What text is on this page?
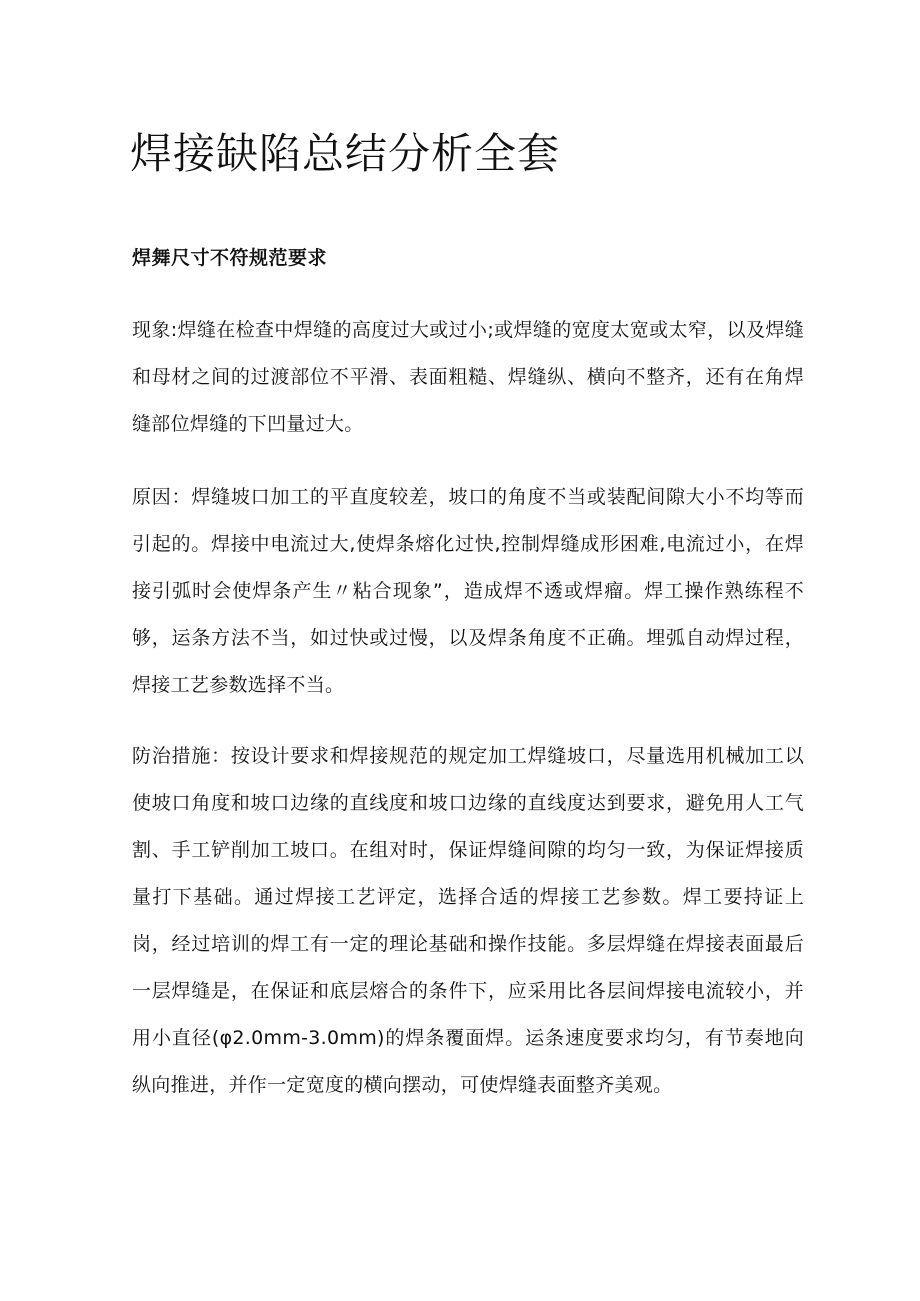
焊接缺陷总结分析全套
焊舞尺寸不符规范要求

现象:焊缝在检查中焊缝的高度过大或过小;或焊缝的宽度太宽或太窄，以及焊缝和母材之间的过渡部位不平滑、表面粗糙、焊缝纵、横向不整齐，还有在角焊缝部位焊缝的下凹量过大。

原因：焊缝坡口加工的平直度较差，坡口的角度不当或装配间隙大小不均等而引起的。焊接中电流过大,使焊条熔化过快,控制焊缝成形困难,电流过小，在焊接引弧时会使焊条产生〃粘合现象”，造成焊不透或焊瘤。焊工操作熟练程不够，运条方法不当，如过快或过慢，以及焊条角度不正确。埋弧自动焊过程，焊接工艺参数选择不当。

防治措施：按设计要求和焊接规范的规定加工焊缝坡口，尽量选用机械加工以使坡口角度和坡口边缘的直线度和坡口边缘的直线度达到要求，避免用人工气割、手工铲削加工坡口。在组对时，保证焊缝间隙的均匀一致，为保证焊接质量打下基础。通过焊接工艺评定，选择合适的焊接工艺参数。焊工要持证上岗，经过培训的焊工有一定的理论基础和操作技能。多层焊缝在焊接表面最后一层焊缝是，在保证和底层熔合的条件下，应采用比各层间焊接电流较小，并用小直径(φ2.0mm-3.0mm)的焊条覆面焊。运条速度要求均匀，有节奏地向纵向推进，并作一定宽度的横向摆动，可使焊缝表面整齐美观。
